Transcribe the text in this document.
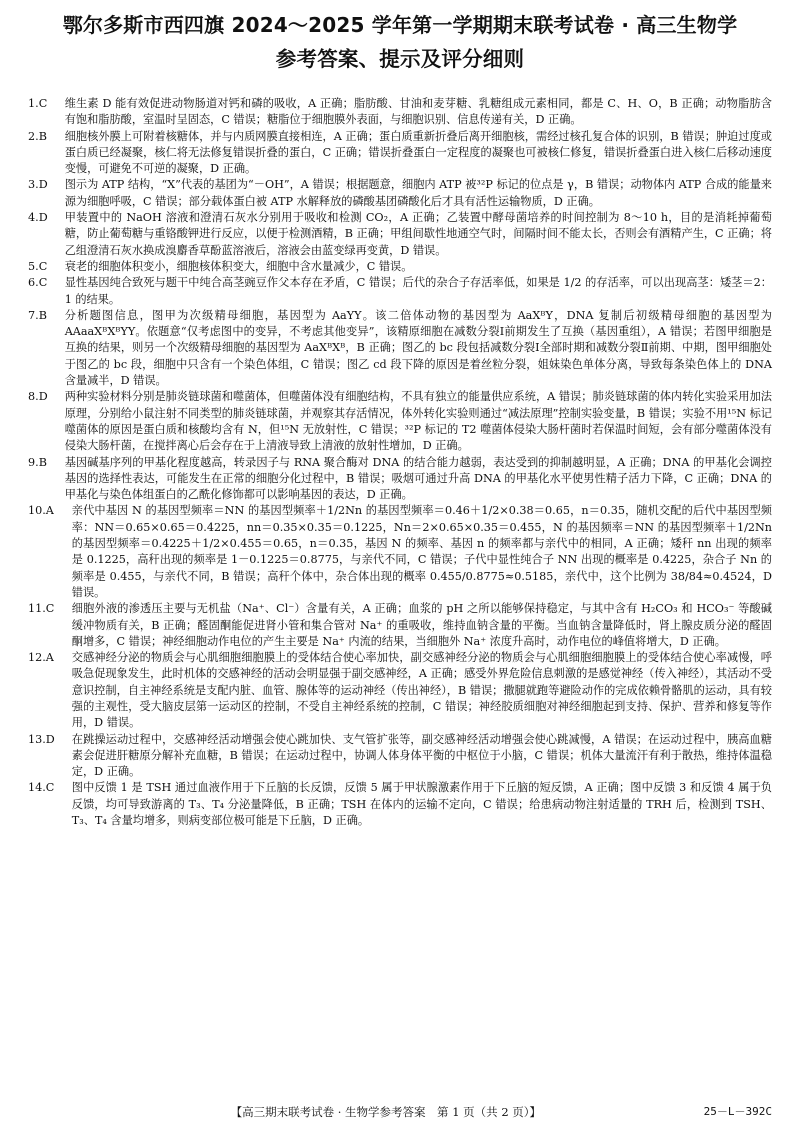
鄂尔多斯市西四旗 2024～2025 学年第一学期期末联考试卷 · 高三生物学
参考答案、提示及评分细则
1. C	维生素 D 能有效促进动物肠道对钙和磷的吸收，A 正确；脂肪酸、甘油和麦芽糖、乳糖组成元素相同，都是 C、H、O，B 正确；动物脂肪含有饱和脂肪酸，室温时呈固态，C 错误；糖脂位于细胞膜外表面，与细胞识别、信息传递有关，D 正确。
2. B	细胞核外膜上可附着核糖体，并与内质网膜直接相连，A 正确；蛋白质重新折叠后离开细胞核，需经过核孔复合体的识别，B 错误；肿迫过度或蛋白质已经凝聚，核仁将无法修复错误折叠的蛋白，C 正确；错误折叠蛋白一定程度的凝聚也可被核仁修复，错误折叠蛋白进入核仁后移动速度变慢，可避免不可逆的凝聚，D 正确。
3. D	图示为 ATP 结构，“X”代表的基团为“－OH”，A 错误；根据题意，细胞内 ATP 被³²P 标记的位点是 γ，B 错误；动物体内 ATP 合成的能量来源为细胞呼吸，C 错误；部分载体蛋白被 ATP 水解释放的磷酸基团磷酸化后才具有活性运输物质，D 正确。
4. D	甲装置中的 NaOH 溶液和澄清石灰水分别用于吸收和检测 CO₂，A 正确；乙装置中酵母菌培养的时间控制为 8～10 h，目的是消耗掉葡萄糖，防止葡萄糖与重铬酸钾进行反应，以便于检测酒精，B 正确；甲组间歇性地通空气时，间隔时间不能太长，否则会有酒精产生，C 正确；将乙组澄清石灰水换成溴麝香草酚蓝溶液后，溶液会由蓝变绿再变黄，D 错误。
5. C	衰老的细胞体积变小，细胞核体积变大，细胞中含水量减少，C 错误。
6. C	显性基因纯合致死与题干中纯合高茎豌豆作父本存在矛盾，C 错误；后代的杂合子存活率低，如果是 1/2 的存活率，可以出现高茎：矮茎＝2：1 的结果。
7. B	分析题图信息，图甲为次级精母细胞，基因型为 AaYY。该二倍体动物的基因型为 AaXᴮY，DNA 复制后初级精母细胞的基因型为 AAaaXᴮXᴮYY。依题意“仅考虑图中的变异，不考虑其他变异”，该精原细胞在减数分裂Ⅰ前期发生了互换（基因重组），A 错误；若图甲细胞是互换的结果，则另一个次级精母细胞的基因型为 AaXᴮXᴮ，B 正确；图乙的 bc 段包括减数分裂Ⅰ全部时期和减数分裂Ⅱ前期、中期，图甲细胞处于图乙的 bc 段，细胞中只含有一个染色体组，C 错误；图乙 cd 段下降的原因是着丝粒分裂，姐妹染色单体分离，导致每条染色体上的 DNA 含量减半，D 错误。
8. D	两种实验材料分别是肺炎链球菌和噬菌体，但噬菌体没有细胞结构，不具有独立的能量供应系统，A 错误；肺炎链球菌的体内转化实验采用加法原理，分别给小鼠注射不同类型的肺炎链球菌，并观察其存活情况，体外转化实验则通过“减法原理”控制实验变量，B 错误；实验不用¹⁵N 标记噬菌体的原因是蛋白质和核酸均含有 N，但¹⁵N 无放射性，C 错误；³²P 标记的 T2 噬菌体侵染大肠杆菌时若保温时间短，会有部分噬菌体没有侵染大肠杆菌，在搅拌离心后会存在于上清液导致上清液的放射性增加，D 正确。
9. B	基因碱基序列的甲基化程度越高，转录因子与 RNA 聚合酶对 DNA 的结合能力越弱，表达受到的抑制越明显，A 正确；DNA 的甲基化会调控基因的选择性表达，可能发生在正常的细胞分化过程中，B 错误；吸烟可通过升高 DNA 的甲基化水平使男性精子活力下降，C 正确；DNA 的甲基化与染色体组蛋白的乙酰化修饰都可以影响基因的表达，D 正确。
10. A	亲代中基因 N 的基因型频率＝NN 的基因型频率＋1/2Nn 的基因型频率＝0.46＋1/2×0.38＝0.65，n＝0.35，随机交配的后代中基因型频率：NN＝0.65×0.65＝0.4225，nn＝0.35×0.35＝0.1225，Nn＝2×0.65×0.35＝0.455，N 的基因频率＝NN 的基因型频率＋1/2Nn 的基因型频率＝0.4225＋1/2×0.455＝0.65，n＝0.35，基因 N 的频率、基因 n 的频率都与亲代中的相同，A 正确；矮秆 nn 出现的频率是 0.1225，高秆出现的频率是 1－0.1225＝0.8775，与亲代不同，C 错误；子代中显性纯合子 NN 出现的概率是 0.4225，杂合子 Nn 的频率是 0.455，与亲代不同，B 错误；高秆个体中，杂合体出现的概率 0.455/0.8775≈0.5185，亲代中，这个比例为 38/84≈0.4524，D 错误。
11. C	细胞外液的渗透压主要与无机盐（Na⁺、Cl⁻）含量有关，A 正确；血浆的 pH 之所以能够保持稳定，与其中含有 H₂CO₃ 和 HCO₃⁻ 等酸碱缓冲物质有关，B 正确；醛固酮能促进肾小管和集合管对 Na⁺ 的重吸收，维持血钠含量的平衡。当血钠含量降低时，肾上腺皮质分泌的醛固酮增多，C 错误；神经细胞动作电位的产生主要是 Na⁺ 内流的结果，当细胞外 Na⁺ 浓度升高时，动作电位的峰值将增大，D 正确。
12. A	交感神经分泌的物质会与心肌细胞细胞膜上的受体结合使心率加快，副交感神经分泌的物质会与心肌细胞细胞膜上的受体结合使心率减慢，呼吸急促现象发生，此时机体的交感神经的活动会明显强于副交感神经，A 正确；感受外界危险信息刺激的是感觉神经（传入神经），其活动不受意识控制，自主神经系统是支配内脏、血管、腺体等的运动神经（传出神经），B 错误；撒腿就跑等避险动作的完成依赖骨骼肌的运动，具有较强的主观性，受大脑皮层第一运动区的控制，不受自主神经系统的控制，C 错误；神经胶质细胞对神经细胞起到支持、保护、营养和修复等作用，D 错误。
13. D	在跳操运动过程中，交感神经活动增强会使心跳加快、支气管扩张等，副交感神经活动增强会使心跳减慢，A 错误；在运动过程中，胰高血糖素会促进肝糖原分解补充血糖，B 错误；在运动过程中，协调人体身体平衡的中枢位于小脑，C 错误；机体大量流汗有利于散热，维持体温稳定，D 正确。
14. C	图中反馈 1 是 TSH 通过血液作用于下丘脑的长反馈，反馈 5 属于甲状腺激素作用于下丘脑的短反馈，A 正确；图中反馈 3 和反馈 4 属于负反馈，均可导致游离的 T₃、T₄ 分泌量降低，B 正确；TSH 在体内的运输不定向，C 错误；给患病动物注射适量的 TRH 后，检测到 TSH、T₃、T₄ 含量均增多，则病变部位极可能是下丘脑，D 正确。
【高三期末联考试卷 · 生物学参考答案　第 1 页（共 2 页）】	25－L－392C
